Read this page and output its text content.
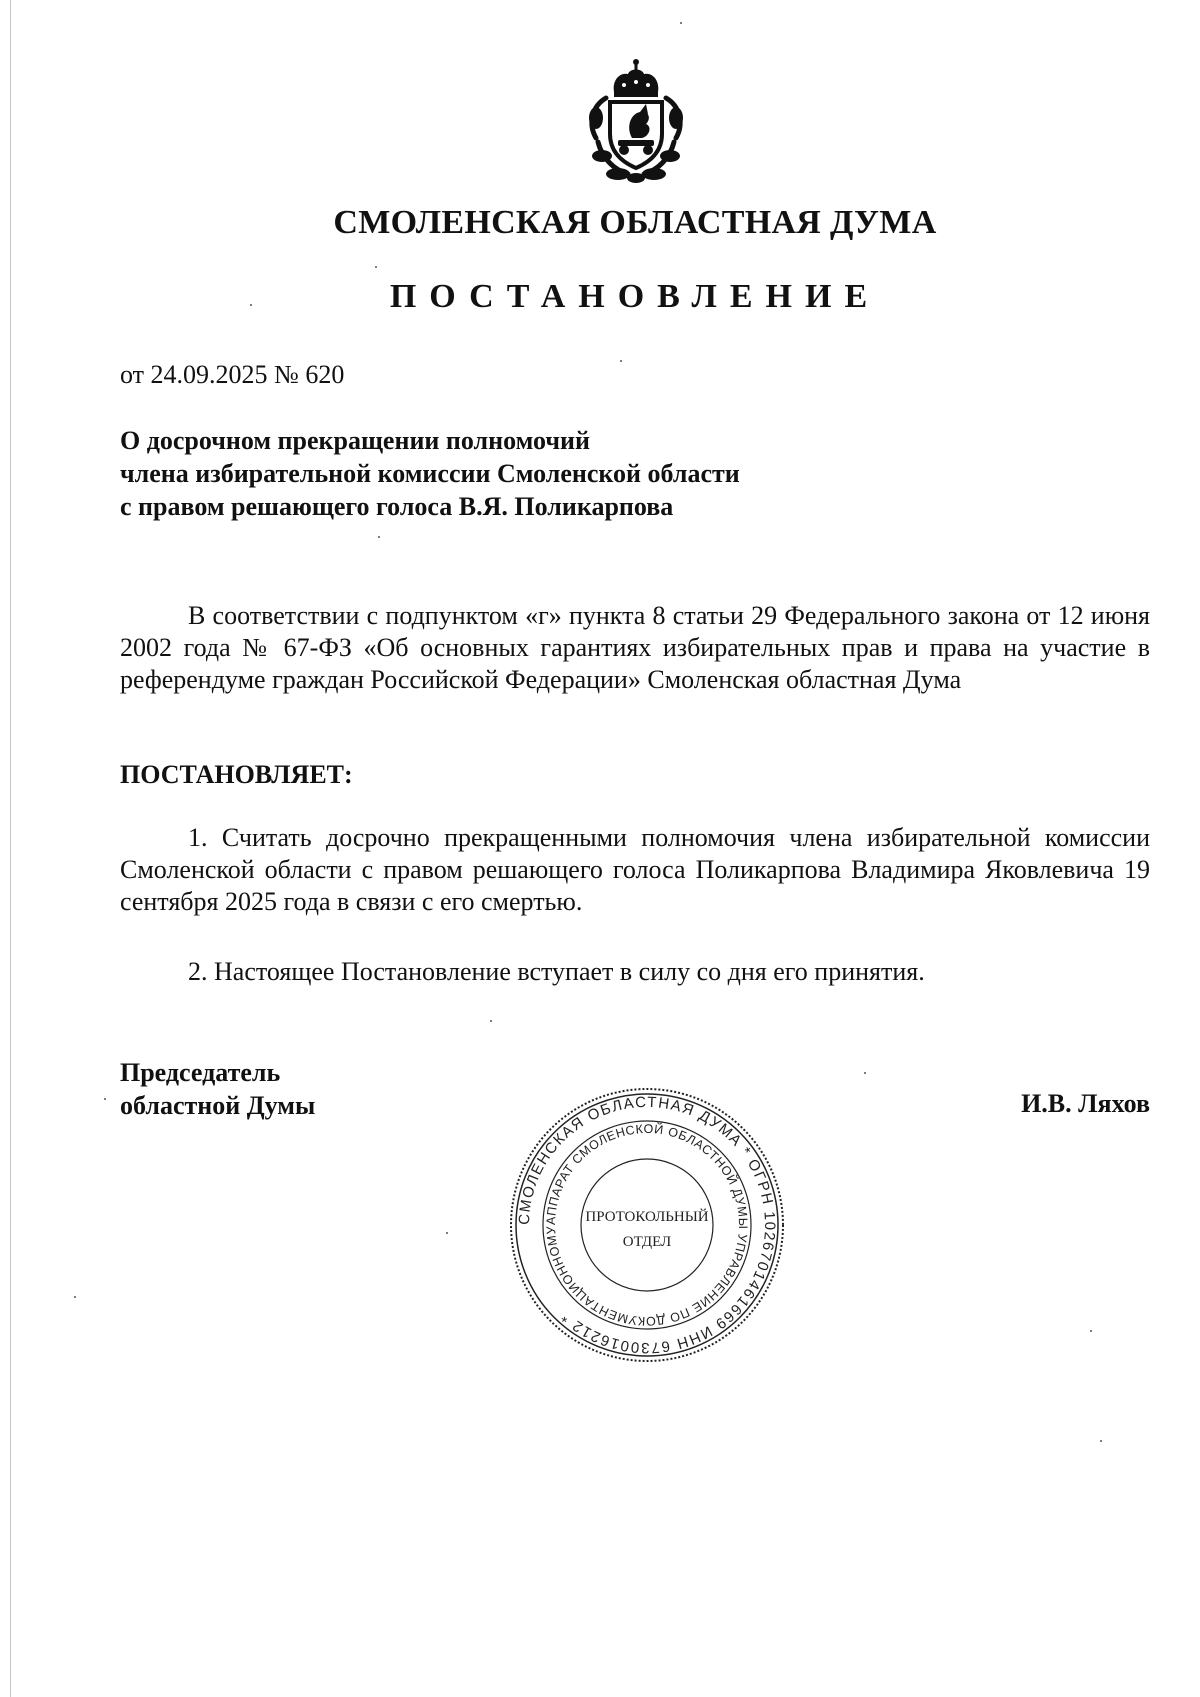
СМОЛЕНСКАЯ ОБЛАСТНАЯ ДУМА
ПОСТАНОВЛЕНИЕ
от 24.09.2025 № 620
О досрочном прекращении полномочий
члена избирательной комиссии Смоленской области
с правом решающего голоса В.Я. Поликарпова
В соответствии с подпунктом «г» пункта 8 статьи 29 Федерального закона от 12 июня 2002 года № 67-ФЗ «Об основных гарантиях избирательных прав и права на участие в референдуме граждан Российской Федерации» Смоленская областная Дума
ПОСТАНОВЛЯЕТ:
1. Считать досрочно прекращенными полномочия члена избирательной комиссии Смоленской области с правом решающего голоса Поликарпова Владимира Яковлевича 19 сентября 2025 года в связи с его смертью.
2. Настоящее Постановление вступает в силу со дня его принятия.
Председатель
областной Думы	И.В. Ляхов
СМОЛЕНСКАЯ ОБЛАСТНАЯ ДУМА * ОГРН 1026701461669 ИНН 6730016212 *
АППАРАТ СМОЛЕНСКОЙ ОБЛАСТНОЙ ДУМЫ УПРАВЛЕНИЕ ПО ДОКУМЕНТАЦИОННОМУ
ПРОТОКОЛЬНЫЙ
ОТДЕЛ
